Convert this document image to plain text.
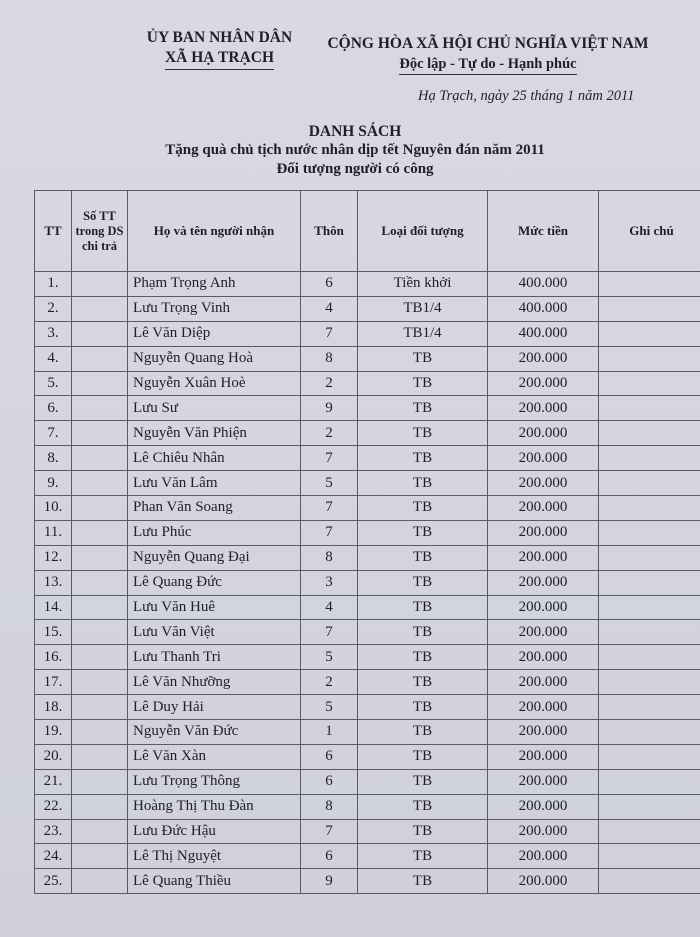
ỦY BAN NHÂN DÂN
XÃ HẠ TRẠCH
CỘNG HÒA XÃ HỘI CHỦ NGHĨA VIỆT NAM
Độc lập - Tự do - Hạnh phúc
Hạ Trạch, ngày 25 tháng 1 năm 2011
DANH SÁCH
Tặng quà chủ tịch nước nhân dịp tết Nguyên đán năm 2011
Đối tượng người có công
TT	Số TT trong DS chi trả	Họ và tên người nhận	Thôn	Loại đối tượng	Mức tiền	Ghi chú
1.		Phạm Trọng Anh	6	Tiền khởi	400.000	
2.		Lưu Trọng Vinh	4	TB1/4	400.000	
3.		Lê Văn Diệp	7	TB1/4	400.000	
4.		Nguyễn Quang Hoà	8	TB	200.000	
5.		Nguyễn Xuân Hoè	2	TB	200.000	
6.		Lưu Sư	9	TB	200.000	
7.		Nguyễn Văn Phiện	2	TB	200.000	
8.		Lê Chiêu Nhân	7	TB	200.000	
9.		Lưu Văn Lâm	5	TB	200.000	
10.		Phan Văn Soang	7	TB	200.000	
11.		Lưu Phúc	7	TB	200.000	
12.		Nguyễn Quang Đại	8	TB	200.000	
13.		Lê Quang Đức	3	TB	200.000	
14.		Lưu Văn Huê	4	TB	200.000	
15.		Lưu Văn Việt	7	TB	200.000	
16.		Lưu Thanh Tri	5	TB	200.000	
17.		Lê Văn Nhưỡng	2	TB	200.000	
18.		Lê Duy Hải	5	TB	200.000	
19.		Nguyễn Văn Đức	1	TB	200.000	
20.		Lê Văn Xàn	6	TB	200.000	
21.		Lưu Trọng Thông	6	TB	200.000	
22.		Hoàng Thị Thu Đàn	8	TB	200.000	
23.		Lưu Đức Hậu	7	TB	200.000	
24.		Lê Thị Nguyệt	6	TB	200.000	
25.		Lê Quang Thiều	9	TB	200.000	
